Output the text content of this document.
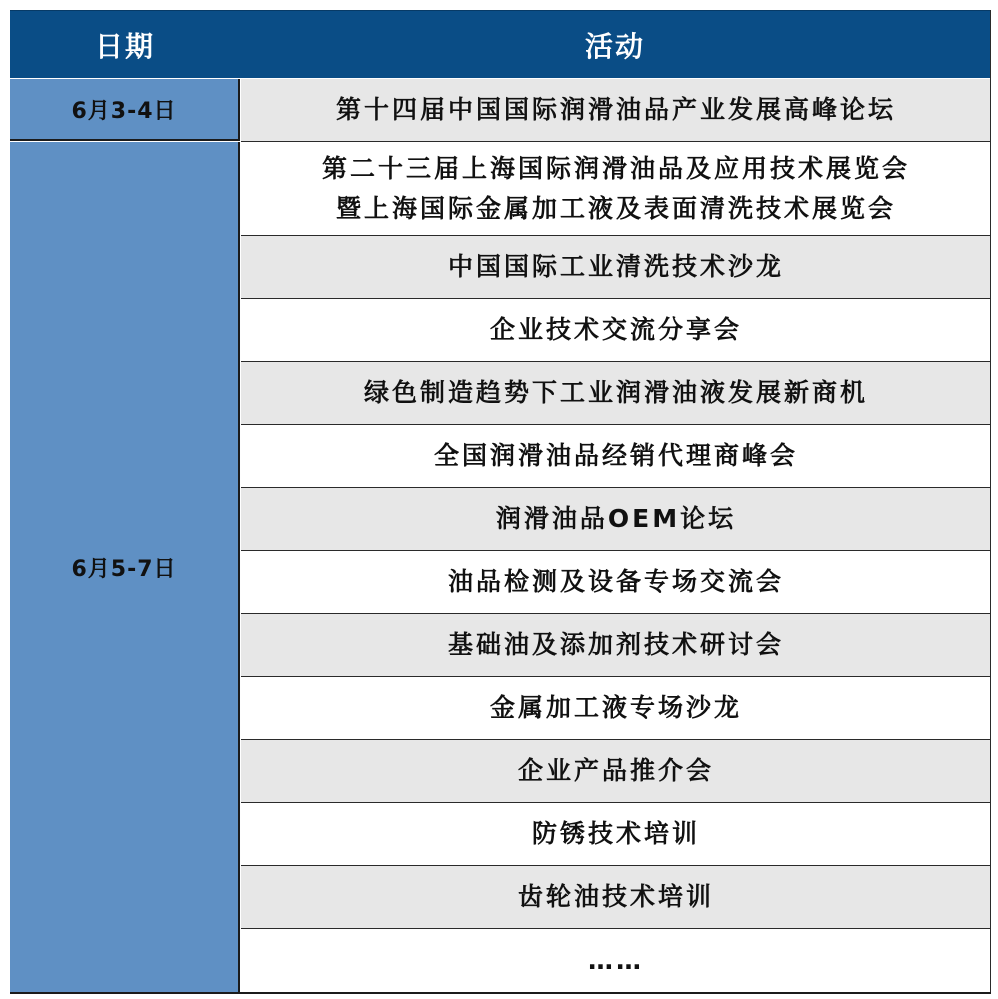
日期	活动
6月3-4日
6月5-7日
第十四届中国国际润滑油品产业发展高峰论坛
第二十三届上海国际润滑油品及应用技术展览会
暨上海国际金属加工液及表面清洗技术展览会
中国国际工业清洗技术沙龙
企业技术交流分享会
绿色制造趋势下工业润滑油液发展新商机
全国润滑油品经销代理商峰会
润滑油品OEM论坛
油品检测及设备专场交流会
基础油及添加剂技术研讨会
金属加工液专场沙龙
企业产品推介会
防锈技术培训
齿轮油技术培训
……
